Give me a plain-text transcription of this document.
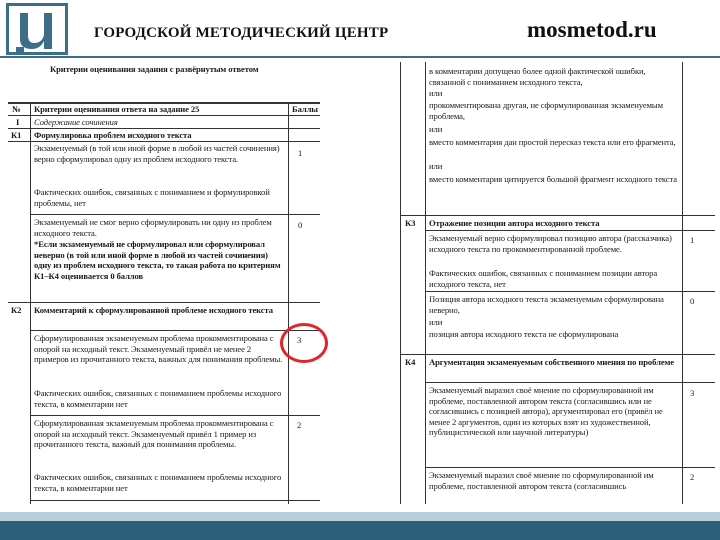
ГОРОДСКОЙ МЕТОДИЧЕСКИЙ ЦЕНТР	mosmetod.ru
Критерии оценивания задания с развёрнутым ответом
№ Критерии оценивания ответа на задание 25	Баллы
I Содержание сочинения
К1 Формулировка проблем исходного текста
Экзаменуемый (в той или иной форме в любой из частей сочинения) верно сформулировал одну из проблем исходного текста.
Фактических ошибок, связанных с пониманием и формулировкой проблемы, нет
1
Экзаменуемый не смог верно сформулировать ни одну из проблем исходного текста.
*Если экзаменуемый не сформулировал или сформулировал неверно (в той или иной форме в любой из частей сочинения) одну из проблем исходного текста, то такая работа по критериям К1–К4 оценивается 0 баллов
0
К2 Комментарий к сформулированной проблеме исходного текста
Сформулированная экзаменуемым проблема прокомментирована с опорой на исходный текст. Экзаменуемый привёл не менее 2 примеров из прочитанного текста, важных для понимания проблемы.
Фактических ошибок, связанных с пониманием проблемы исходного текста, в комментарии нет
3
Сформулированная экзаменуемым проблема прокомментирована с опорой на исходный текст. Экзаменуемый привёл 1 пример из прочитанного текста, важный для понимания проблемы.
Фактических ошибок, связанных с пониманием проблемы исходного текста, в комментарии нет
2
в комментарии допущено более одной фактической ошибки, связанной с пониманием исходного текста,
или
прокомментирована другая, не сформулированная экзаменуемым проблема,
или
вместо комментария дан простой пересказ текста или его фрагмента,
или
вместо комментария цитируется большой фрагмент исходного текста
К3 Отражение позиции автора исходного текста
Экзаменуемый верно сформулировал позицию автора (рассказчика) исходного текста по прокомментированной проблеме.
Фактических ошибок, связанных с пониманием позиции автора исходного текста, нет
1
Позиция автора исходного текста экзаменуемым сформулирована неверно,
или
позиция автора исходного текста не сформулирована
0
К4 Аргументация экзаменуемым собственного мнения по проблеме
Экзаменуемый выразил своё мнение по сформулированной им проблеме, поставленной автором текста (согласившись или не согласившись с позицией автора), аргументировал его (привёл не менее 2 аргументов, один из которых взят из художественной, публицистической или научной литературы)
3
Экзаменуемый выразил своё мнение по сформулированной им проблеме, поставленной автором текста (согласившись
2
